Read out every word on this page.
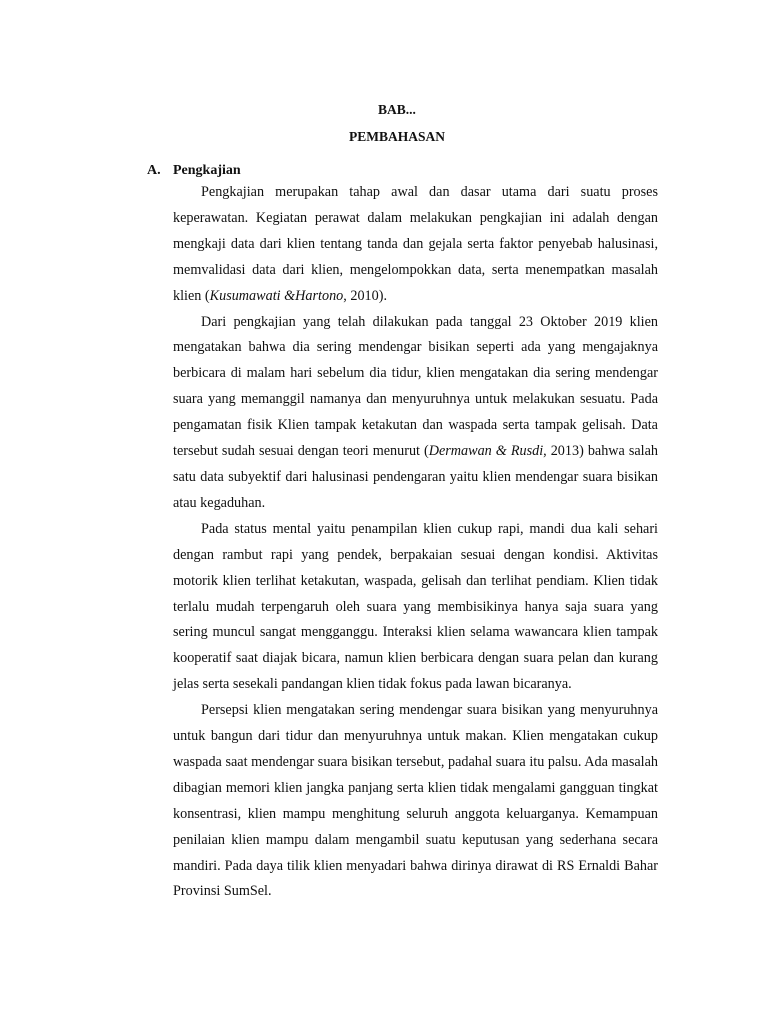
BAB...
PEMBAHASAN
A. Pengkajian

Pengkajian merupakan tahap awal dan dasar utama dari suatu proses keperawatan. Kegiatan perawat dalam melakukan pengkajian ini adalah dengan mengkaji data dari klien tentang tanda dan gejala serta faktor penyebab halusinasi, memvalidasi data dari klien, mengelompokkan data, serta menempatkan masalah klien (Kusumawati &Hartono, 2010).

Dari pengkajian yang telah dilakukan pada tanggal 23 Oktober 2019 klien mengatakan bahwa dia sering mendengar bisikan seperti ada yang mengajaknya berbicara di malam hari sebelum dia tidur, klien mengatakan dia sering mendengar suara yang memanggil namanya dan menyuruhnya untuk melakukan sesuatu. Pada pengamatan fisik Klien tampak ketakutan dan waspada serta tampak gelisah. Data tersebut sudah sesuai dengan teori menurut (Dermawan & Rusdi, 2013) bahwa salah satu data subyektif dari halusinasi pendengaran yaitu klien mendengar suara bisikan atau kegaduhan.

Pada status mental yaitu penampilan klien cukup rapi, mandi dua kali sehari dengan rambut rapi yang pendek, berpakaian sesuai dengan kondisi. Aktivitas motorik klien terlihat ketakutan, waspada, gelisah dan terlihat pendiam. Klien tidak terlalu mudah terpengaruh oleh suara yang membisikinya hanya saja suara yang sering muncul sangat mengganggu. Interaksi klien selama wawancara klien tampak kooperatif saat diajak bicara, namun klien berbicara dengan suara pelan dan kurang jelas serta sesekali pandangan klien tidak fokus pada lawan bicaranya.

Persepsi klien mengatakan sering mendengar suara bisikan yang menyuruhnya untuk bangun dari tidur dan menyuruhnya untuk makan. Klien mengatakan cukup waspada saat mendengar suara bisikan tersebut, padahal suara itu palsu. Ada masalah dibagian memori klien jangka panjang serta klien tidak mengalami gangguan tingkat konsentrasi, klien mampu menghitung seluruh anggota keluarganya. Kemampuan penilaian klien mampu dalam mengambil suatu keputusan yang sederhana secara mandiri. Pada daya tilik klien menyadari bahwa dirinya dirawat di RS Ernaldi Bahar Provinsi SumSel.
